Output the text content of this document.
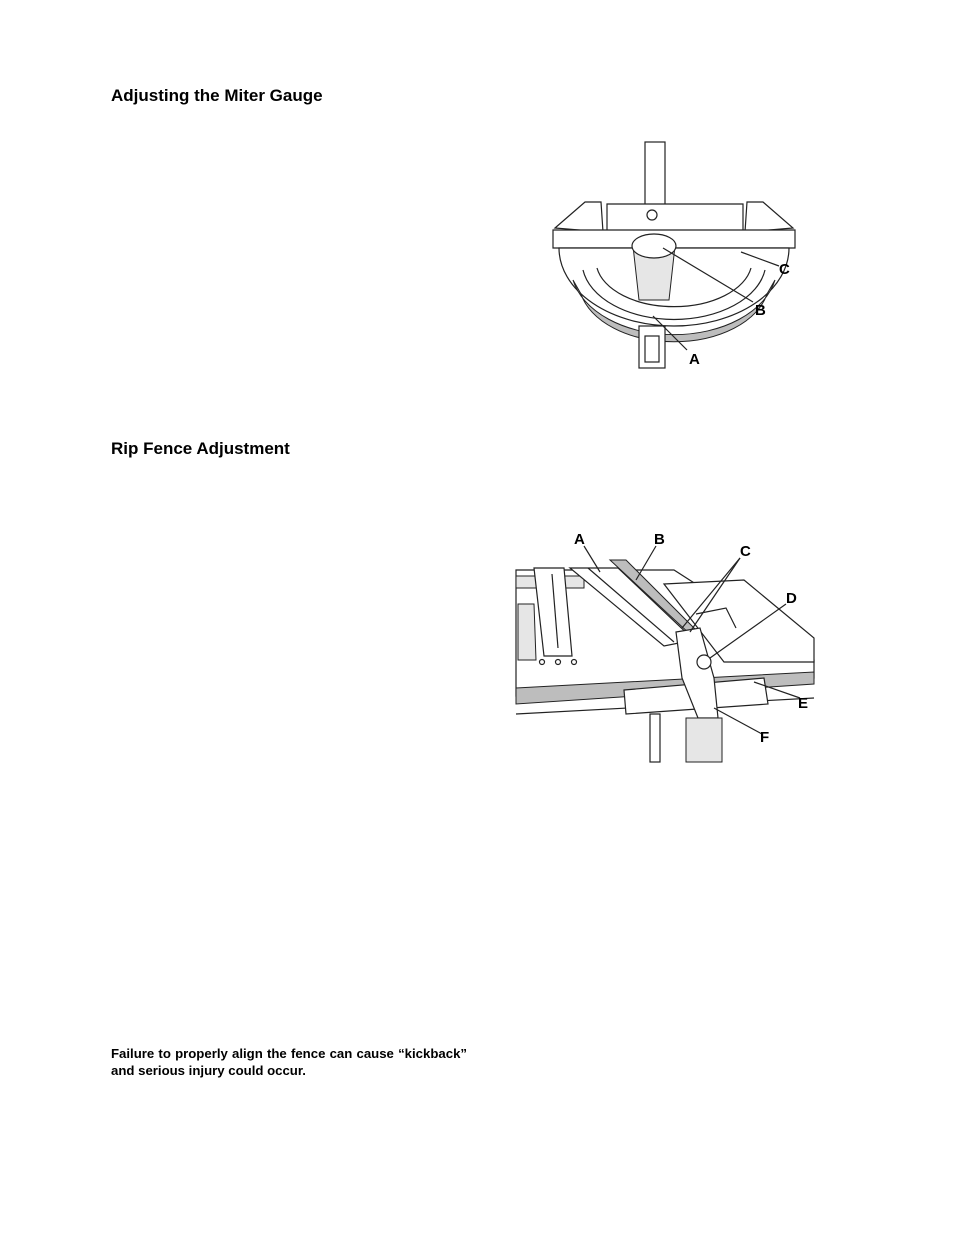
Adjusting the Miter Gauge
C
B
A
Rip Fence Adjustment
A	B
C
D
E
F

Failure to properly align the fence can cause “kickback” and serious injury could occur.
